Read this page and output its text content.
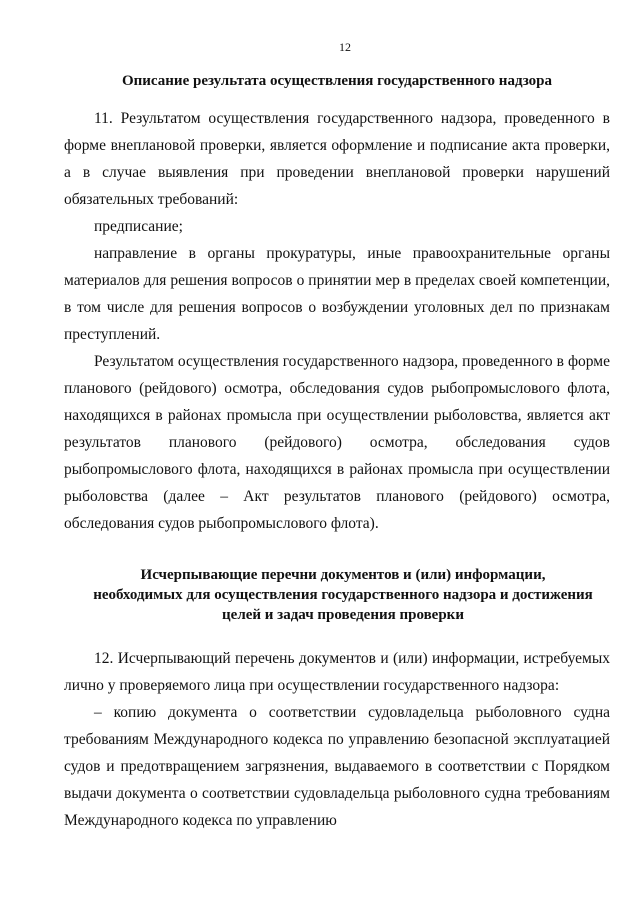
12
Описание результата осуществления государственного надзора

11. Результатом осуществления государственного надзора, проведенного в форме внеплановой проверки, является оформление и подписание акта проверки, а в случае выявления при проведении внеплановой проверки нарушений обязательных требований:

предписание;

направление в органы прокуратуры, иные правоохранительные органы материалов для решения вопросов о принятии мер в пределах своей компетенции, в том числе для решения вопросов о возбуждении уголовных дел по признакам преступлений.

Результатом осуществления государственного надзора, проведенного в форме планового (рейдового) осмотра, обследования судов рыбопромыслового флота, находящихся в районах промысла при осуществлении рыболовства, является акт результатов планового (рейдового) осмотра, обследования судов рыбопромыслового флота, находящихся в районах промысла при осуществлении рыболовства (далее – Акт результатов планового (рейдового) осмотра, обследования судов рыбопромыслового флота).

Исчерпывающие перечни документов и (или) информации,
необходимых для осуществления государственного надзора и достижения
целей и задач проведения проверки

12. Исчерпывающий перечень документов и (или) информации, истребуемых лично у проверяемого лица при осуществлении государственного надзора:

– копию документа о соответствии судовладельца рыболовного судна требованиям Международного кодекса по управлению безопасной эксплуатацией судов и предотвращением загрязнения, выдаваемого в соответствии с Порядком выдачи документа о соответствии судовладельца рыболовного судна требованиям Международного кодекса по управлению
